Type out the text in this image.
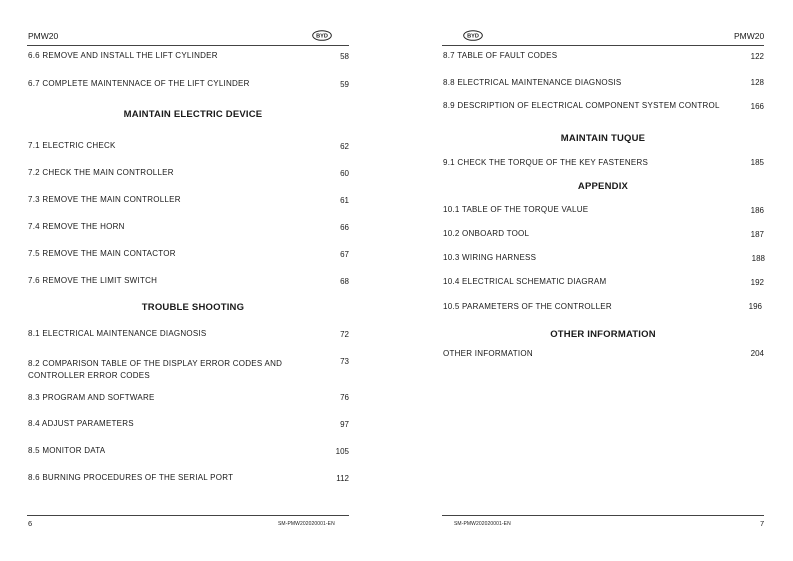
PMW20	BYD
6.6 REMOVE AND INSTALL THE LIFT CYLINDER	58
6.7 COMPLETE MAINTENNACE OF THE LIFT CYLINDER	59
MAINTAIN ELECTRIC DEVICE
7.1 ELECTRIC CHECK	62
7.2 CHECK THE MAIN CONTROLLER	60
7.3 REMOVE THE MAIN CONTROLLER	61
7.4 REMOVE THE HORN	66
7.5 REMOVE THE MAIN CONTACTOR	67
7.6 REMOVE THE LIMIT SWITCH	68
TROUBLE SHOOTING
8.1 ELECTRICAL MAINTENANCE DIAGNOSIS	72
8.2 COMPARISON TABLE OF THE DISPLAY ERROR CODES AND
CONTROLLER ERROR CODES
73
8.3 PROGRAM AND SOFTWARE	76
8.4 ADJUST PARAMETERS	97
8.5 MONITOR DATA	105
8.6 BURNING PROCEDURES OF THE SERIAL PORT	112
6	SM-PMW202020001-EN
BYD	PMW20
8.7 TABLE OF FAULT CODES	122
8.8 ELECTRICAL MAINTENANCE DIAGNOSIS	128
8.9 DESCRIPTION OF ELECTRICAL COMPONENT SYSTEM CONTROL	166
MAINTAIN TUQUE
9.1 CHECK THE TORQUE OF THE KEY FASTENERS	185
APPENDIX
10.1 TABLE OF THE TORQUE VALUE	186
10.2 ONBOARD TOOL	187
10.3 WIRING HARNESS	188
10.4 ELECTRICAL SCHEMATIC DIAGRAM	192
10.5 PARAMETERS OF THE CONTROLLER	196
OTHER INFORMATION
OTHER INFORMATION	204
SM-PMW202020001-EN	7
